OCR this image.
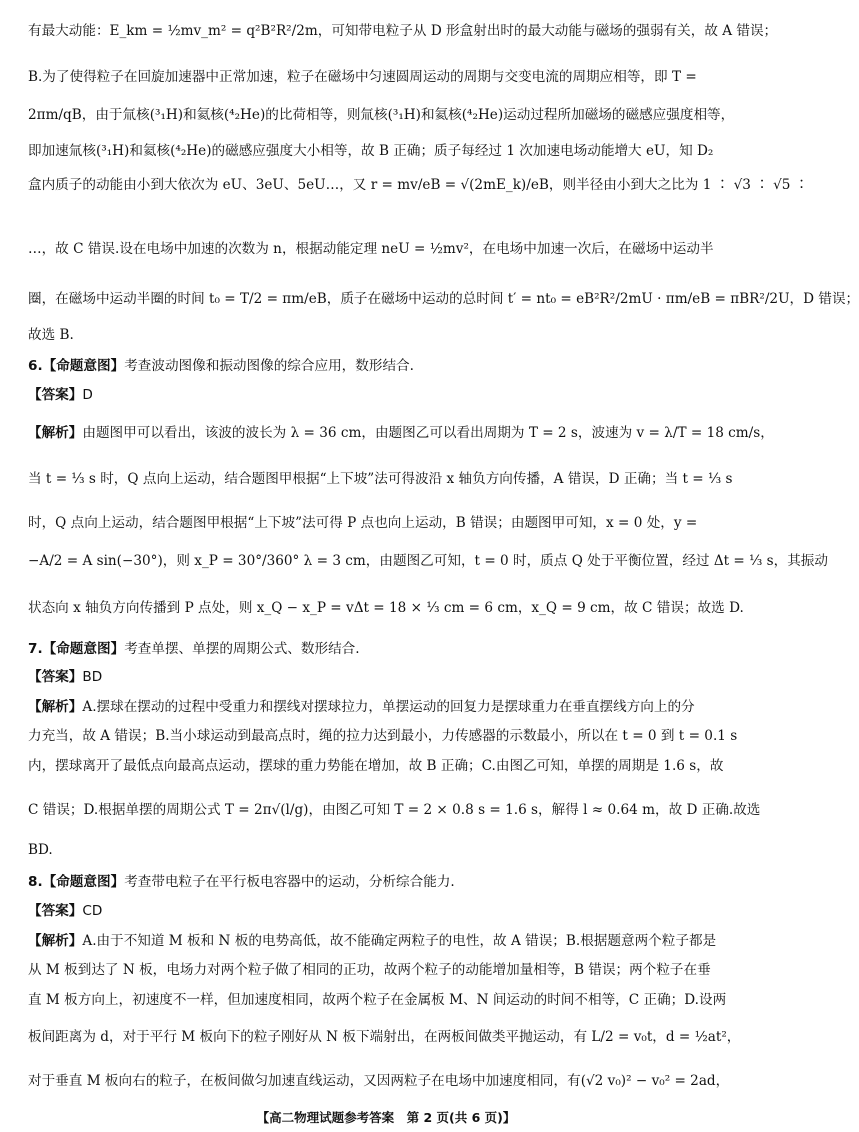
有最大动能：E_km = ½mv_m² = q²B²R²/2m，可知带电粒子从 D 形盒射出时的最大动能与磁场的强弱有关，故 A 错误；
B.为了使得粒子在回旋加速器中正常加速，粒子在磁场中匀速圆周运动的周期与交变电流的周期应相等，即 T =
2πm/qB，由于氚核(³₁H)和氦核(⁴₂He)的比荷相等，则氚核(³₁H)和氦核(⁴₂He)运动过程所加磁场的磁感应强度相等，
即加速氚核(³₁H)和氦核(⁴₂He)的磁感应强度大小相等，故 B 正确；质子每经过 1 次加速电场动能增大 eU，知 D₂
盒内质子的动能由小到大依次为 eU、3eU、5eU…，又 r = mv/eB = √(2mE_k)/eB，则半径由小到大之比为 1 ∶ √3 ∶ √5 ∶
…，故 C 错误.设在电场中加速的次数为 n，根据动能定理 neU = ½mv²，在电场中加速一次后，在磁场中运动半
圈，在磁场中运动半圈的时间 t₀ = T/2 = πm/eB，质子在磁场中运动的总时间 t′ = nt₀ = eB²R²/2mU · πm/eB = πBR²/2U，D 错误；
故选 B.
6.【命题意图】考查波动图像和振动图像的综合应用，数形结合.
【答案】D
【解析】由题图甲可以看出，该波的波长为 λ = 36 cm，由题图乙可以看出周期为 T = 2 s，波速为 v = λ/T = 18 cm/s，
当 t = ⅓ s 时，Q 点向上运动，结合题图甲根据“上下坡”法可得波沿 x 轴负方向传播，A 错误，D 正确；当 t = ⅓ s
时，Q 点向上运动，结合题图甲根据“上下坡”法可得 P 点也向上运动，B 错误；由题图甲可知，x = 0 处，y =
−A/2 = A sin(−30°)，则 x_P = 30°/360° λ = 3 cm，由题图乙可知，t = 0 时，质点 Q 处于平衡位置，经过 Δt = ⅓ s，其振动
状态向 x 轴负方向传播到 P 点处，则 x_Q − x_P = vΔt = 18 × ⅓ cm = 6 cm，x_Q = 9 cm，故 C 错误；故选 D.
7.【命题意图】考查单摆、单摆的周期公式、数形结合.
【答案】BD
【解析】A.摆球在摆动的过程中受重力和摆线对摆球拉力，单摆运动的回复力是摆球重力在垂直摆线方向上的分
力充当，故 A 错误；B.当小球运动到最高点时，绳的拉力达到最小，力传感器的示数最小，所以在 t = 0 到 t = 0.1 s
内，摆球离开了最低点向最高点运动，摆球的重力势能在增加，故 B 正确；C.由图乙可知，单摆的周期是 1.6 s，故
C 错误；D.根据单摆的周期公式 T = 2π√(l/g)，由图乙可知 T = 2 × 0.8 s = 1.6 s，解得 l ≈ 0.64 m，故 D 正确.故选
BD.
8.【命题意图】考查带电粒子在平行板电容器中的运动，分析综合能力.
【答案】CD
【解析】A.由于不知道 M 板和 N 板的电势高低，故不能确定两粒子的电性，故 A 错误；B.根据题意两个粒子都是
从 M 板到达了 N 板，电场力对两个粒子做了相同的正功，故两个粒子的动能增加量相等，B 错误；两个粒子在垂
直 M 板方向上，初速度不一样，但加速度相同，故两个粒子在金属板 M、N 间运动的时间不相等，C 正确；D.设两
板间距离为 d，对于平行 M 板向下的粒子刚好从 N 板下端射出，在两板间做类平抛运动，有 L/2 = v₀t，d = ½at²，
对于垂直 M 板向右的粒子，在板间做匀加速直线运动，又因两粒子在电场中加速度相同，有(√2 v₀)² − v₀² = 2ad，
【高二物理试题参考答案　第 2 页(共 6 页)】
